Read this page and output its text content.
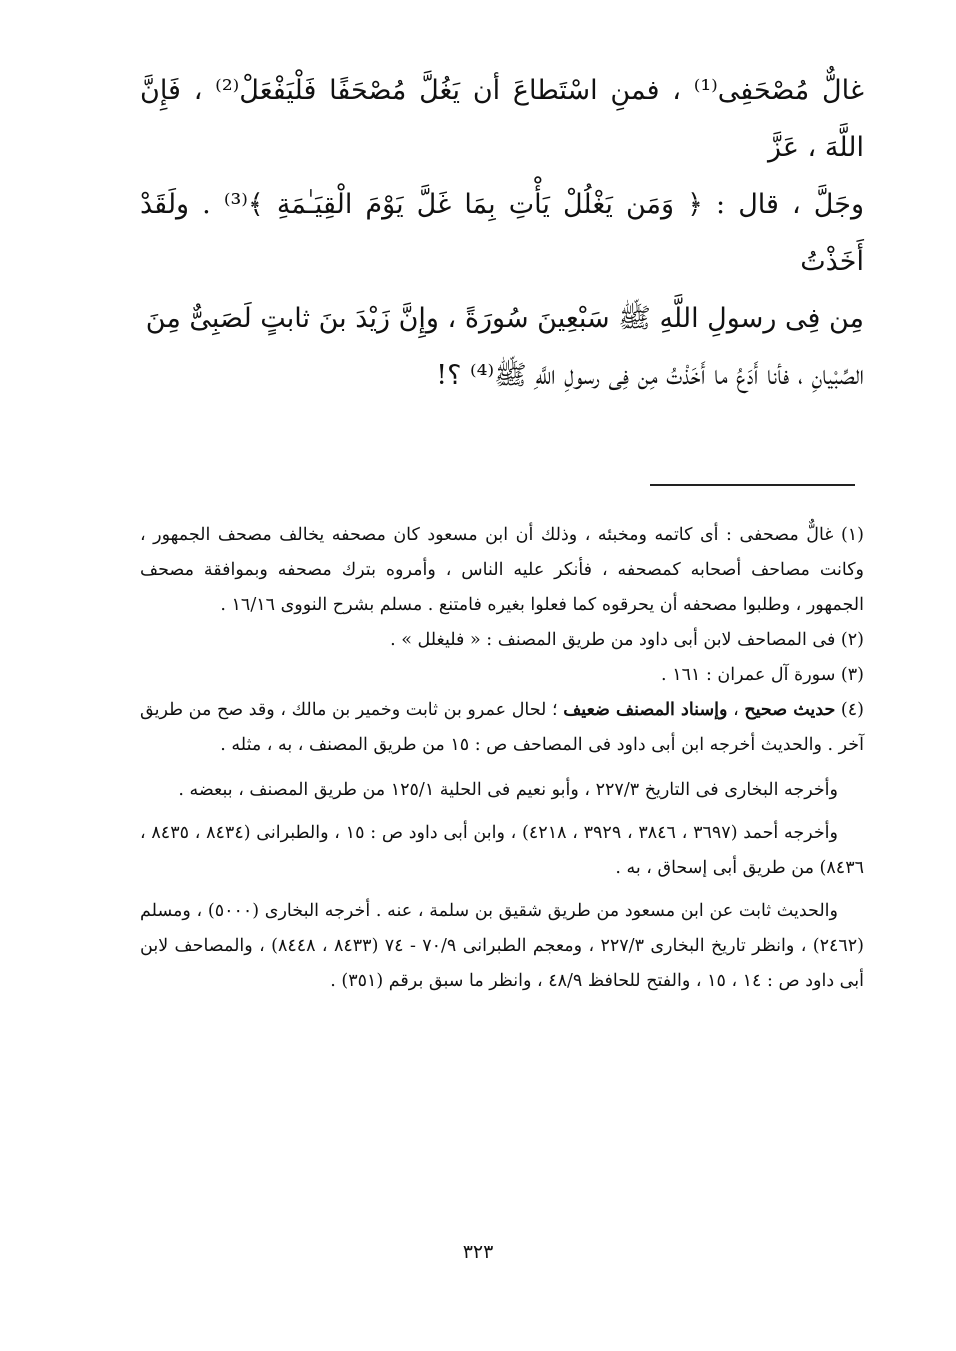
غالٌّ مُصْحَفِى⁽¹⁾ ، فمنِ اسْتَطاعَ أن يَغُلَّ مُصْحَفًا فَلْيَفْعَلْ⁽²⁾ ، فَإِنَّ اللَّهَ ، عَزَّ

وجَلَّ ، قال : ﴿ وَمَن يَغْلُلْ يَأْتِ بِمَا غَلَّ يَوْمَ الْقِيَـٰمَةِ ﴾⁽³⁾ . ولَقَدْ أَخَذْتُ

مِن فِى رسولِ اللَّهِ ﷺ سَبْعِينَ سُورَةً ، وإِنَّ زَيْدَ بنَ ثابتٍ لَصَبِىٌّ مِنَ

الصِّبْيانِ ، فأنا أَدَعُ ما أَخَذْتُ مِن فِى رسولِ اللَّهِ ﷺ⁽⁴⁾ ؟!

(١) غالٌّ مصحفى : أى كاتمه ومخبئه ، وذلك أن ابن مسعود كان مصحفه يخالف مصحف الجمهور ، وكانت مصاحف أصحابه كمصحفه ، فأنكر عليه الناس ، وأمروه بترك مصحفه وبموافقة مصحف الجمهور ، وطلبوا مصحفه أن يحرقوه كما فعلوا بغيره فامتنع . مسلم بشرح النووى ١٦/١٦ .

(٢) فى المصاحف لابن أبى داود من طريق المصنف : « فليغلل » .

(٣) سورة آل عمران : ١٦١ .

(٤) حديث صحيح ، وإسناد المصنف ضعيف ؛ لحال عمرو بن ثابت وخمير بن مالك ، وقد صح من طريق آخر . والحديث أخرجه ابن أبى داود فى المصاحف ص : ١٥ من طريق المصنف ، به ، مثله .

وأخرجه البخارى فى التاريخ ٢٢٧/٣ ، وأبو نعيم فى الحلية ١٢٥/١ من طريق المصنف ، ببعضه .

وأخرجه أحمد (٣٦٩٧ ، ٣٨٤٦ ، ٣٩٢٩ ، ٤٢١٨) ، وابن أبى داود ص : ١٥ ، والطبرانى (٨٤٣٤ ، ٨٤٣٥ ، ٨٤٣٦) من طريق أبى إسحاق ، به .

والحديث ثابت عن ابن مسعود من طريق شقيق بن سلمة ، عنه . أخرجه البخارى (٥٠٠٠) ، ومسلم (٢٤٦٢) ، وانظر تاريخ البخارى ٢٢٧/٣ ، ومعجم الطبرانى ٧٠/٩ - ٧٤ (٨٤٣٣ ، ٨٤٤٨) ، والمصاحف لابن أبى داود ص : ١٤ ، ١٥ ، والفتح للحافظ ٤٨/٩ ، وانظر ما سبق برقم (٣٥١) .

٣٢٣
